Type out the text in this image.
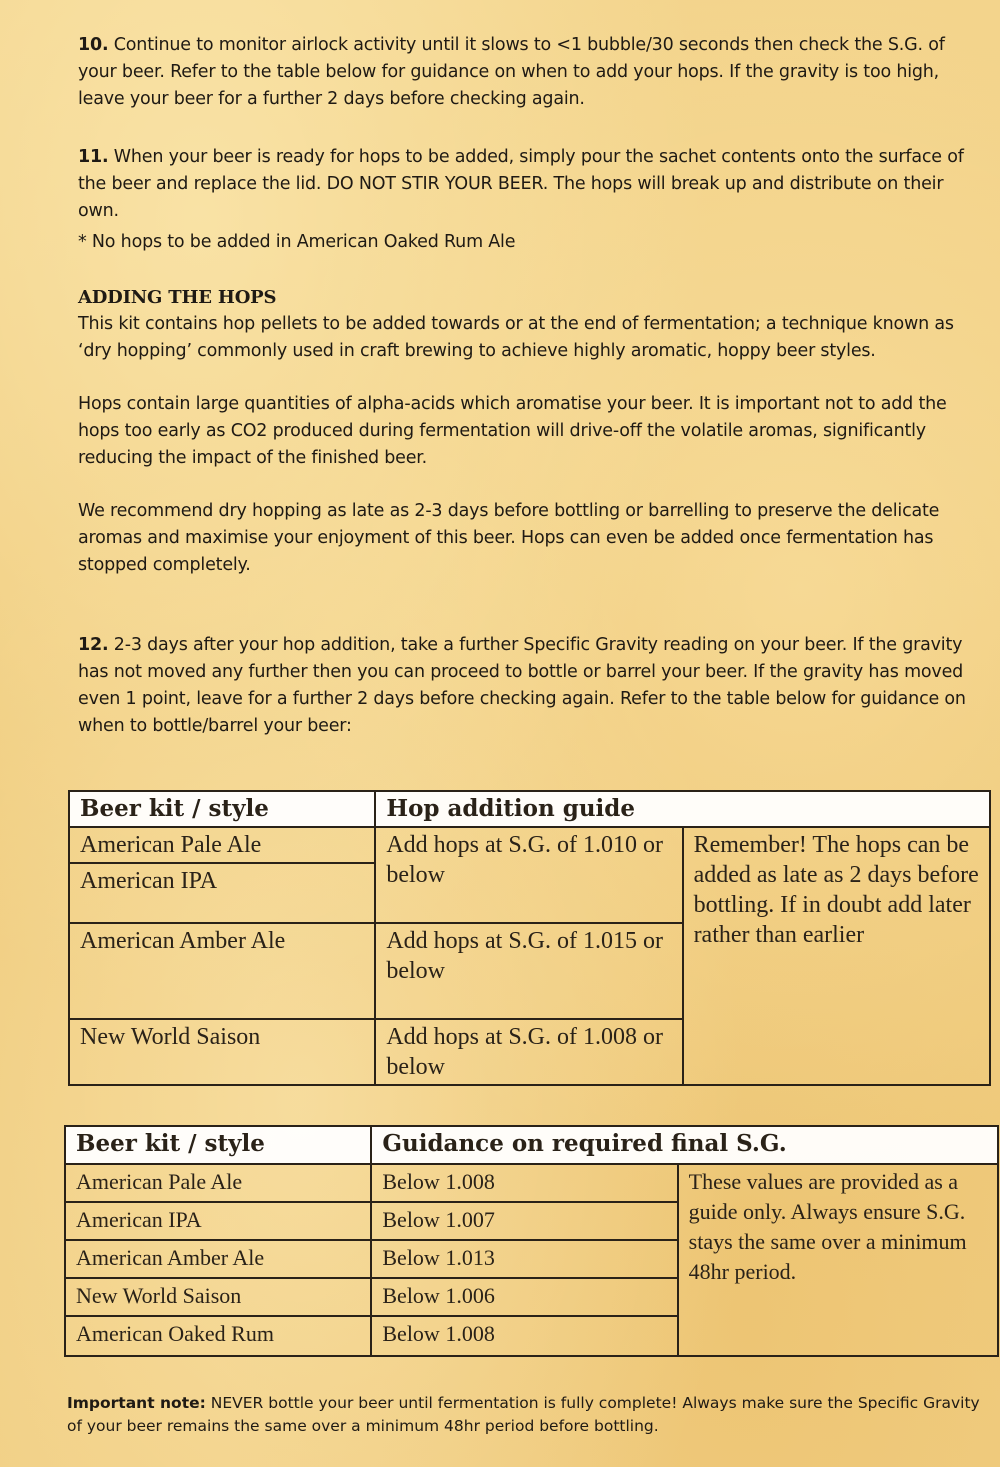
10. Continue to monitor airlock activity until it slows to <1 bubble/30 seconds then check the S.G. of your beer. Refer to the table below for guidance on when to add your hops. If the gravity is too high, leave your beer for a further 2 days before checking again.
11. When your beer is ready for hops to be added, simply pour the sachet contents onto the surface of the beer and replace the lid. DO NOT STIR YOUR BEER. The hops will break up and distribute on their own.
* No hops to be added in American Oaked Rum Ale
ADDING THE HOPS
This kit contains hop pellets to be added towards or at the end of fermentation; a technique known as ‘dry hopping’ commonly used in craft brewing to achieve highly aromatic, hoppy beer styles.
Hops contain large quantities of alpha-acids which aromatise your beer. It is important not to add the hops too early as CO2 produced during fermentation will drive-off the volatile aromas, significantly reducing the impact of the finished beer.
We recommend dry hopping as late as 2-3 days before bottling or barrelling to preserve the delicate aromas and maximise your enjoyment of this beer. Hops can even be added once fermentation has stopped completely.
12. 2-3 days after your hop addition, take a further Specific Gravity reading on your beer. If the gravity has not moved any further then you can proceed to bottle or barrel your beer. If the gravity has moved even 1 point, leave for a further 2 days before checking again. Refer to the table below for guidance on when to bottle/barrel your beer:
Beer kit / style	Hop addition guide	
American Pale Ale	Add hops at S.G. of 1.010 or below	Remember! The hops can be added as late as 2 days before bottling. If in doubt add later rather than earlier
American IPA		
American Amber Ale	Add hops at S.G. of 1.015 or below	
New World Saison	Add hops at S.G. of 1.008 or below	
Beer kit / style	Guidance on required final S.G.	
American Pale Ale	Below 1.008	These values are provided as a guide only. Always ensure S.G. stays the same over a minimum 48hr period.
American IPA	Below 1.007	
American Amber Ale	Below 1.013	
New World Saison	Below 1.006	
American Oaked Rum	Below 1.008	
Important note: NEVER bottle your beer until fermentation is fully complete! Always make sure the Specific Gravity of your beer remains the same over a minimum 48hr period before bottling.
